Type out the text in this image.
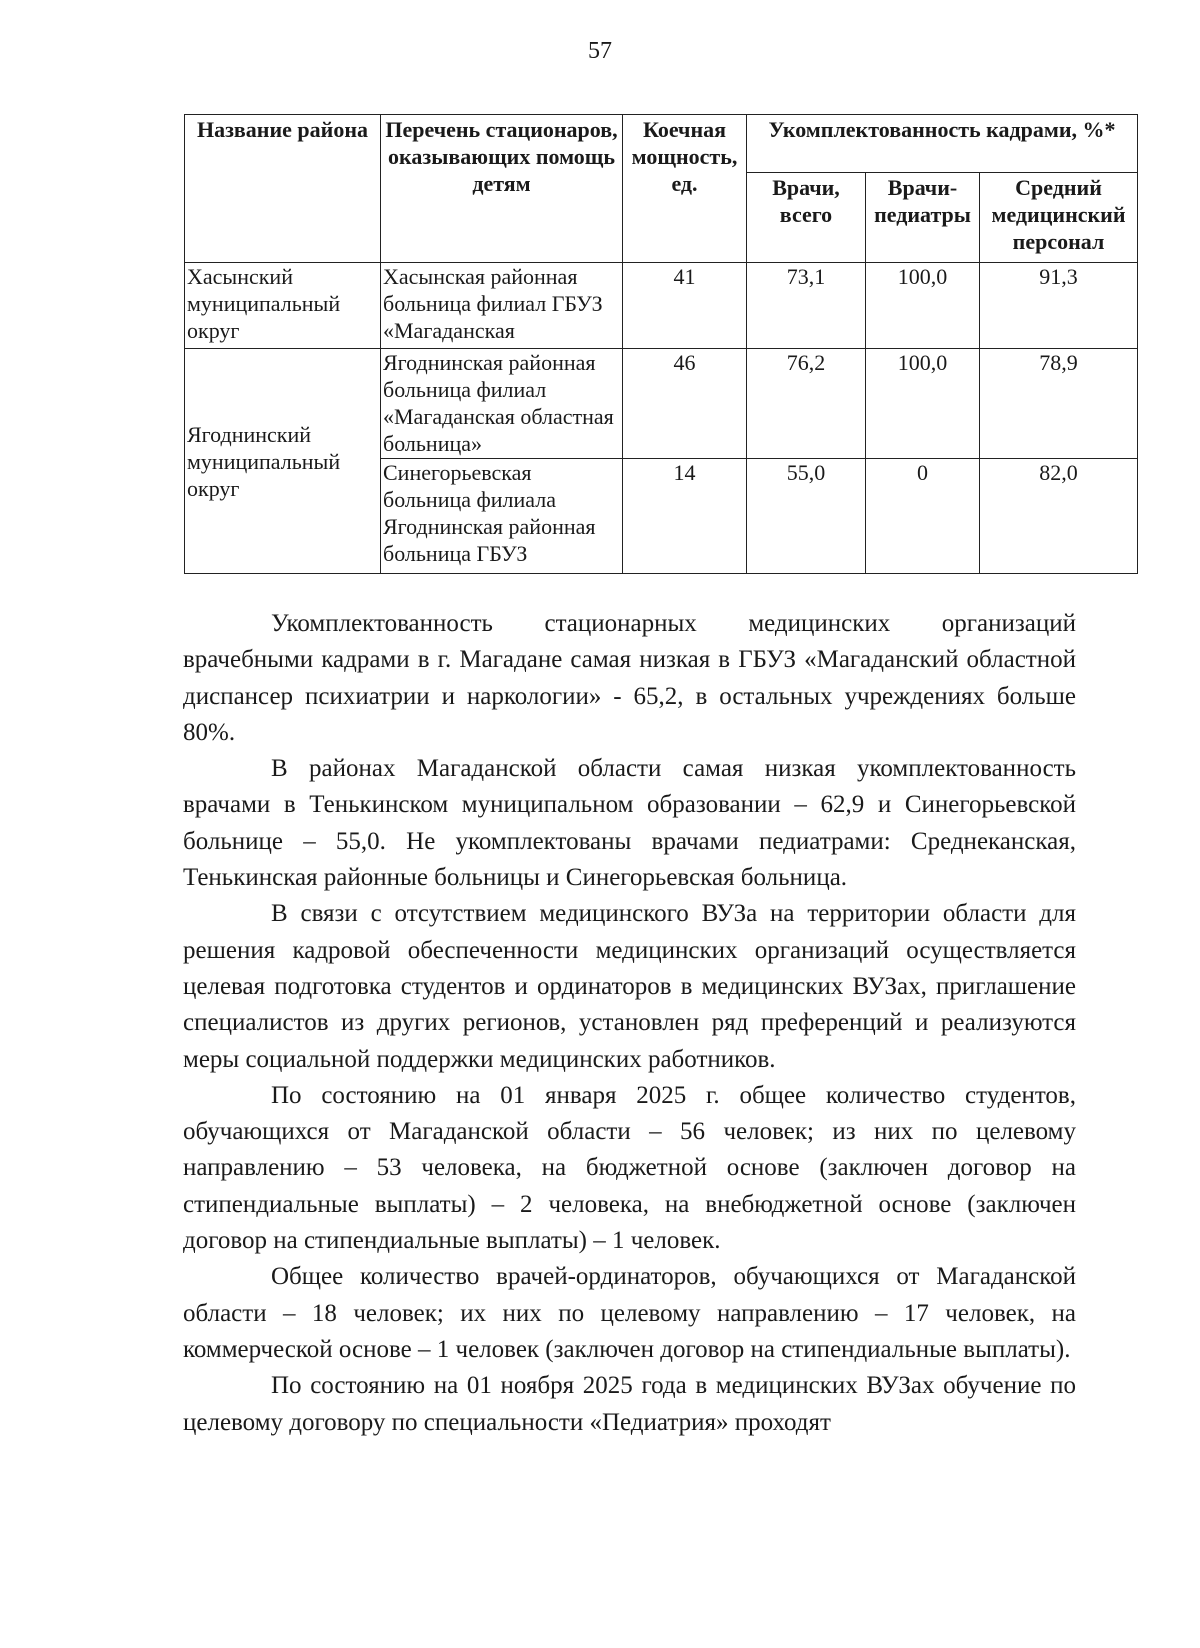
57
Название района	Перечень стационаров, оказывающих помощь детям	Коечная мощность, ед.	Укомплектованность кадрами, %*		
			Врачи, всего	Врачи-педиатры	Средний медицинский персонал
Хасынский муниципальный округ	Хасынская районная больница филиал ГБУЗ «Магаданская	41	73,1	100,0	91,3
Ягоднинский муниципальный округ	Ягоднинская районная больница филиал «Магаданская областная больница»	46	76,2	100,0	78,9
	Синегорьевская больница филиала Ягоднинская районная больница ГБУЗ	14	55,0	0	82,0

Укомплектованность стационарных медицинских организаций врачебными кадрами в г. Магадане самая низкая в ГБУЗ «Магаданский областной диспансер психиатрии и наркологии» - 65,2, в остальных учреждениях больше 80%.

В районах Магаданской области самая низкая укомплектованность врачами в Тенькинском муниципальном образовании – 62,9 и Синегорьевской больнице – 55,0. Не укомплектованы врачами педиатрами: Среднеканская, Тенькинская районные больницы и Синегорьевская больница.

В связи с отсутствием медицинского ВУЗа на территории области для решения кадровой обеспеченности медицинских организаций осуществляется целевая подготовка студентов и ординаторов в медицинских ВУЗах, приглашение специалистов из других регионов, установлен ряд преференций и реализуются меры социальной поддержки медицинских работников.

По состоянию на 01 января 2025 г. общее количество студентов, обучающихся от Магаданской области – 56 человек; из них по целевому направлению – 53 человека, на бюджетной основе (заключен договор на стипендиальные выплаты) – 2 человека, на внебюджетной основе (заключен договор на стипендиальные выплаты) – 1 человек.

Общее количество врачей-ординаторов, обучающихся от Магаданской области – 18 человек; их них по целевому направлению – 17 человек, на коммерческой основе – 1 человек (заключен договор на стипендиальные выплаты).

По состоянию на 01 ноября 2025 года в медицинских ВУЗах обучение по целевому договору по специальности «Педиатрия» проходят
